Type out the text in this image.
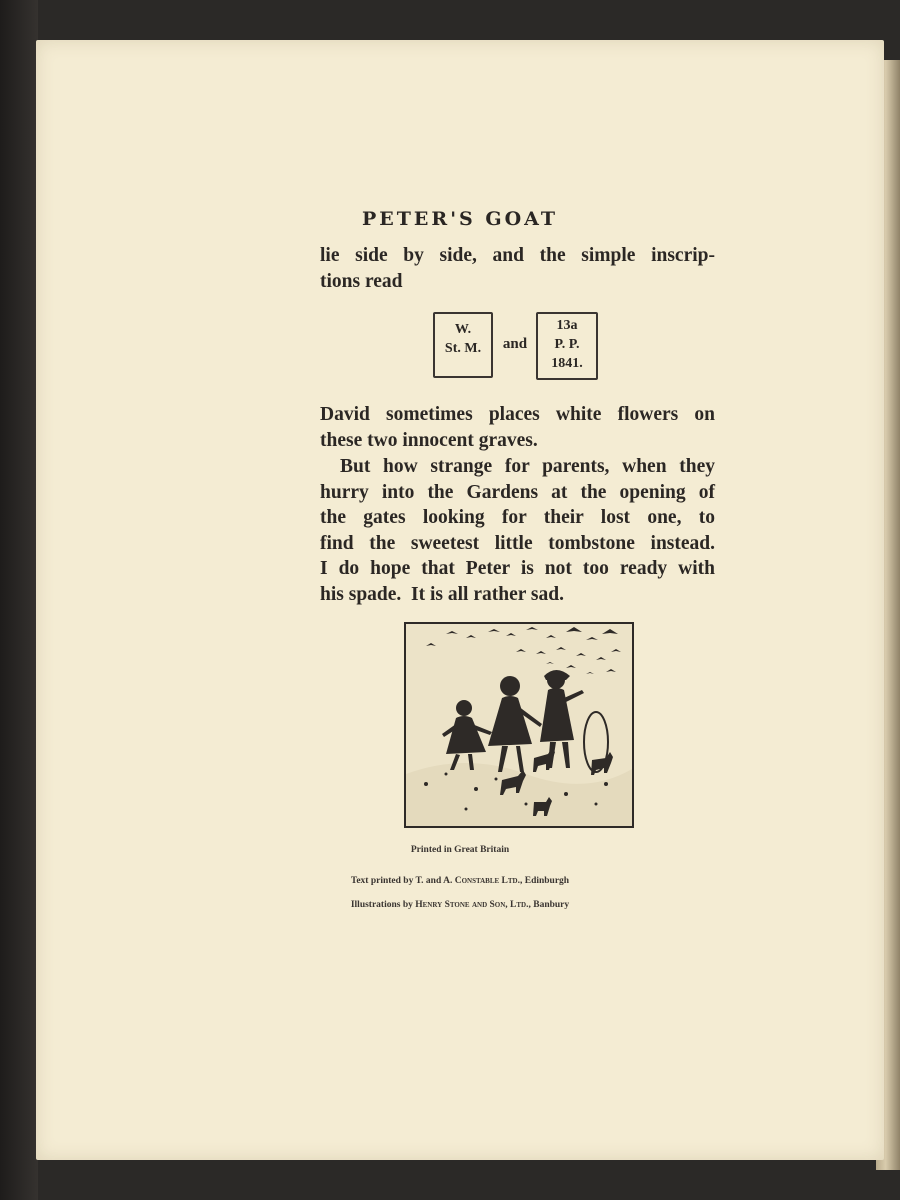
PETER'S GOAT
lie side by side, and the simple inscrip-
tions read
W.
St. M.	and
13a
P. P.
1841.
David sometimes places white flowers on
these two innocent graves.
But how strange for parents, when they
hurry into the Gardens at the opening of
the gates looking for their lost one, to
find the sweetest little tombstone instead.
I do hope that Peter is not too ready with
his spade.  It is all rather sad.
Printed in Great Britain
Text printed by T. and A. Constable Ltd., Edinburgh
Illustrations by Henry Stone and Son, Ltd., Banbury
